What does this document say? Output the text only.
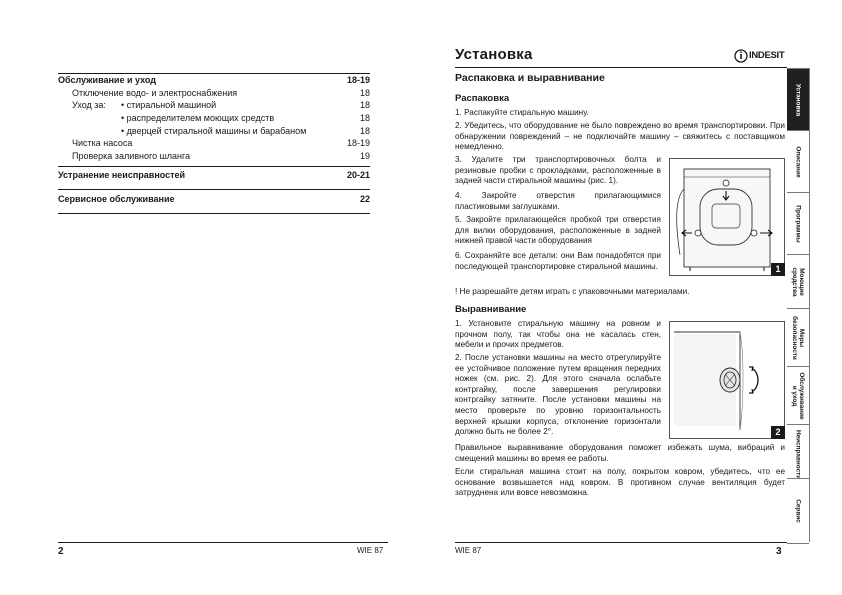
Обслуживание и уход	18-19
Отключение водо- и электроснабжения	18
Уход за: • стиральной машиной	18
• распределителем моющих средств	18
• дверцей стиральной машины и барабаном	18
Чистка насоса	18-19
Проверка заливного шланга	19
Устранение неисправностей	20-21
Сервисное обслуживание	22
2	WIE 87
Установка	INDESIT
Распаковка и выравнивание
Распаковка
1. Распакуйте стиральную машину.
2. Убедитесь, что оборудование не было повреждено во время транспортировки. При обнаружении повреждений – не подключайте машину – свяжитесь с поставщиком немедленно.
3. Удалите три транспортировочных болта и резиновые пробки с прокладками, расположенные в задней части стиральной машины (рис. 1).
4. Закройте отверстия прилагающимися пластиковыми заглушками.
5. Закройте прилагающейся пробкой три отверстия для вилки оборудования, расположенные в задней нижней правой части оборудования
6. Сохраняйте все детали: они Вам понадобятся при последующей транспортировке стиральной машины.
! Не разрешайте детям играть с упаковочными материалами.
1
Выравнивание
1. Установите стиральную машину на ровном и прочном полу, так чтобы она не касалась стен, мебели и прочих предметов.
2. После установки машины на место отрегулируйте ее устойчивое положение путем вращения передних ножек (см. рис. 2). Для этого сначала ослабьте контргайку, после завершения регулировки контргайку затяните. После установки машины на место проверьте по уровню горизонтальность верхней крышки корпуса, отклонение горизонтали должно быть не более 2°.
Правильное выравнивание оборудования поможет избежать шума, вибраций и смещений машины во время ее работы.
Если стиральная машина стоит на полу, покрытом ковром, убедитесь, что ее основание возвышается над ковром. В противном случае вентиляция будет затруднена или вовсе невозможна.
2
Установка
Описание
Программы
Моющие средства
Меры безопасности
Обслуживание и уход
Неисправности
Сервис
WIE 87	3
